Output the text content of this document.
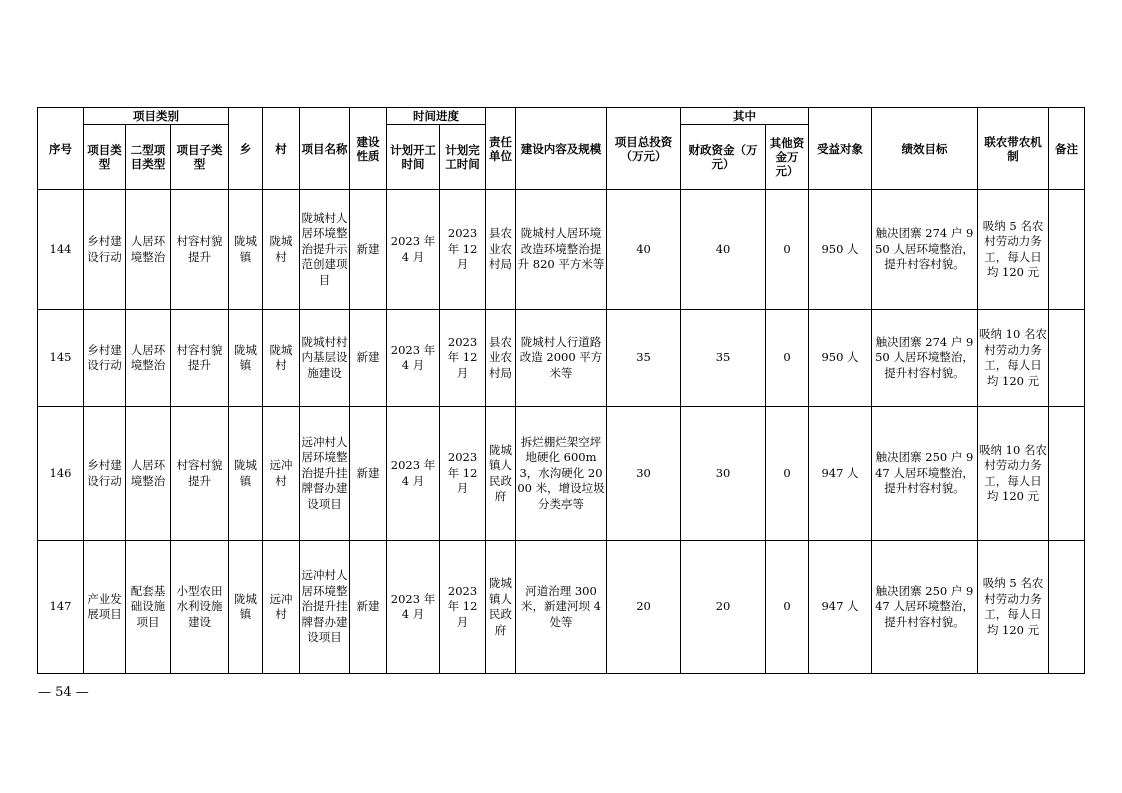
序号	项目类别			乡	村	项目名称	建设性质	时间进度		责任单位	建设内容及规模	项目总投资（万元）	其中		受益对象	绩效目标	联农带农机制	备注
	项目类型	二型项目类型	项目子类型					计划开工时间	计划完工时间				财政资金（万元）	其他资金万元）				
144	乡村建设行动	人居环境整治	村容村貌提升	陇城镇	陇城村	陇城村人居环境整治提升示范创建项目	新建	2023 年4 月	2023 年 12 月	县农业农村局	陇城村人居环境改造环境整治提升 820 平方米等	40	40	0	950 人	触决团寨 274 户 950 人居环境整治，提升村容村貌。	吸纳 5 名农村劳动力务工，每人日均 120 元	
145	乡村建设行动	人居环境整治	村容村貌提升	陇城镇	陇城村	陇城村村内基层设施建设	新建	2023 年4 月	2023 年 12 月	县农业农村局	陇城村人行道路改造 2000 平方米等	35	35	0	950 人	触决团寨 274 户 950 人居环境整治，提升村容村貌。	吸纳 10 名农村劳动力务工，每人日均 120 元	
146	乡村建设行动	人居环境整治	村容村貌提升	陇城镇	远冲村	远冲村人居环境整治提升挂牌督办建设项目	新建	2023 年4 月	2023 年 12 月	陇城镇人民政府	拆烂棚烂架空坪地硬化 600m3，水沟硬化 2000 米，增设垃圾分类亭等	30	30	0	947 人	触决团寨 250 户 947 人居环境整治，提升村容村貌。	吸纳 10 名农村劳动力务工，每人日均 120 元	
147	产业发展项目	配套基础设施项目	小型农田水利设施建设	陇城镇	远冲村	远冲村人居环境整治提升挂牌督办建设项目	新建	2023 年4 月	2023 年 12 月	陇城镇人民政府	河道治理 300 米，新建河坝 4 处等	20	20	0	947 人	触决团寨 250 户 947 人居环境整治，提升村容村貌。	吸纳 5 名农村劳动力务工，每人日均 120 元	
— 54 —
